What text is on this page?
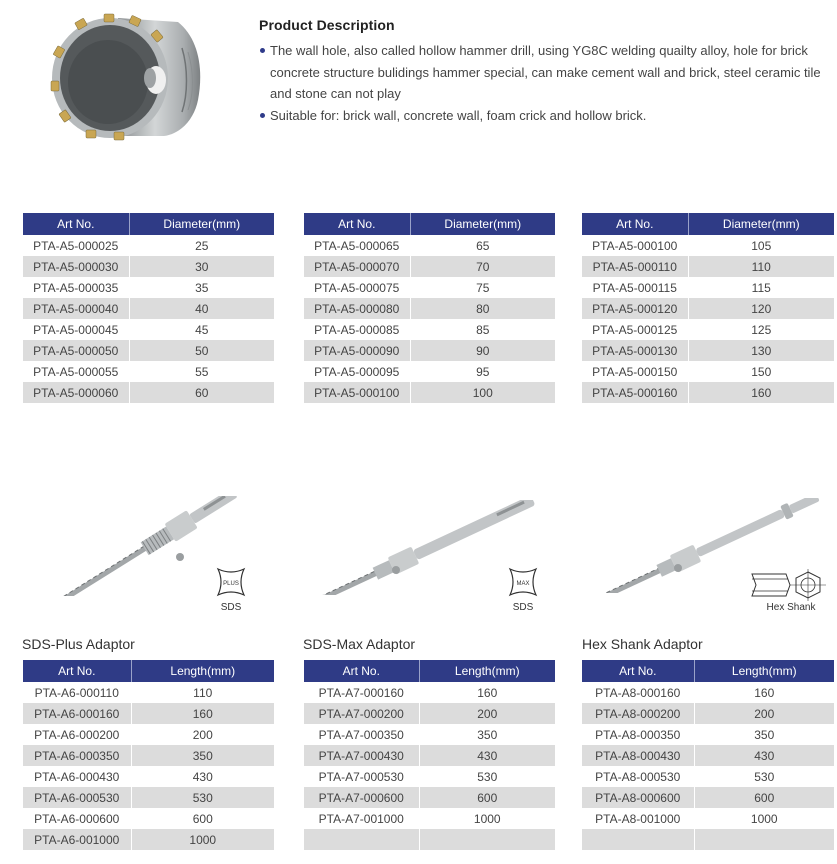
Product Description
The wall hole, also called hollow hammer drill, using YG8C welding quailty alloy, hole for brick concrete structure bulidings hammer special, can make cement wall and brick, steel ceramic tile and stone can not play
Suitable for: brick wall, concrete wall, foam crick and hollow brick.
Art No.	Diameter(mm)
PTA-A5-000025	25
PTA-A5-000030	30
PTA-A5-000035	35
PTA-A5-000040	40
PTA-A5-000045	45
PTA-A5-000050	50
PTA-A5-000055	55
PTA-A5-000060	60
Art No.	Diameter(mm)
PTA-A5-000065	65
PTA-A5-000070	70
PTA-A5-000075	75
PTA-A5-000080	80
PTA-A5-000085	85
PTA-A5-000090	90
PTA-A5-000095	95
PTA-A5-000100	100
Art No.	Diameter(mm)
PTA-A5-000100	105
PTA-A5-000110	110
PTA-A5-000115	115
PTA-A5-000120	120
PTA-A5-000125	125
PTA-A5-000130	130
PTA-A5-000150	150
PTA-A5-000160	160
PLUS
SDS
MAX
SDS	Hex Shank
SDS-Plus Adaptor	SDS-Max Adaptor	Hex Shank Adaptor
Art No.	Length(mm)
PTA-A6-000110	110
PTA-A6-000160	160
PTA-A6-000200	200
PTA-A6-000350	350
PTA-A6-000430	430
PTA-A6-000530	530
PTA-A6-000600	600
PTA-A6-001000	1000
Art No.	Length(mm)
PTA-A7-000160	160
PTA-A7-000200	200
PTA-A7-000350	350
PTA-A7-000430	430
PTA-A7-000530	530
PTA-A7-000600	600
PTA-A7-001000	1000

Art No.	Length(mm)
PTA-A8-000160	160
PTA-A8-000200	200
PTA-A8-000350	350
PTA-A8-000430	430
PTA-A8-000530	530
PTA-A8-000600	600
PTA-A8-001000	1000
